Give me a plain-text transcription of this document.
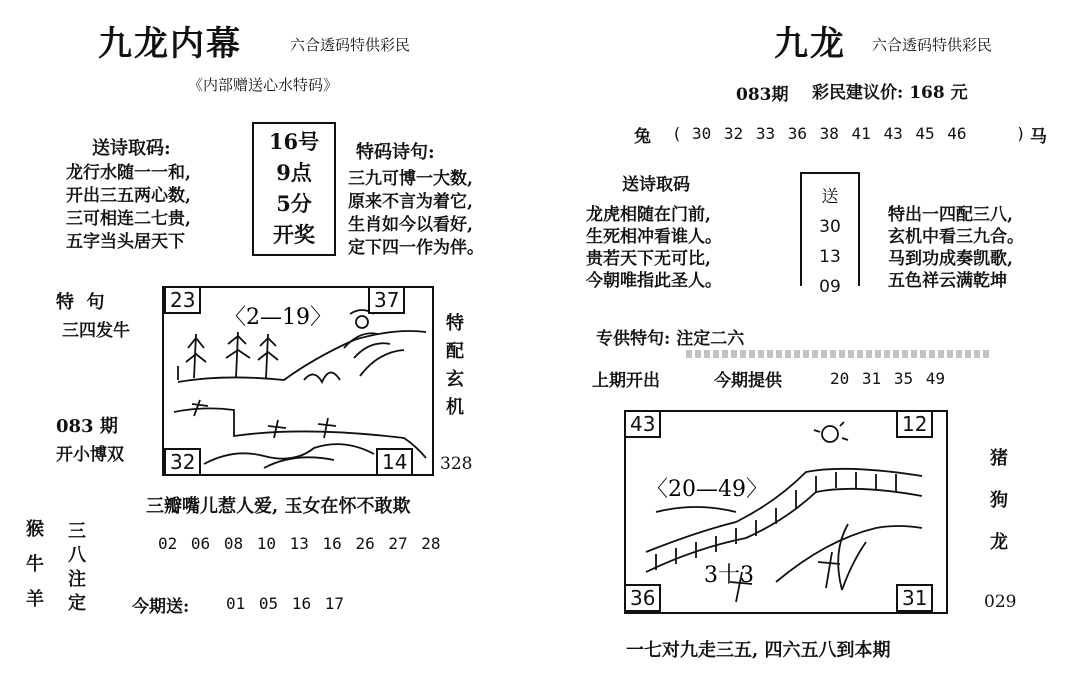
九龙内幕	六合透码特供彩民
《内部赠送心水特码》
送诗取码:
龙行水随一一和,
开出三五两心数,
三可相连二七贵,
五字当头居天下
16号
9点
5分
开奖
特码诗句:
三九可博一大数,
原来不言为着它,
生肖如今以看好,
定下四一作为伴。
特  句
三四发牛
083 期
开小博双
〈2—19〉
23	37
32	14
特
配
玄
机
328
三瓣嘴儿惹人爱, 玉女在怀不敢欺
猴
牛
羊
三
八
注
定
02 06 08 10 13 16 26 27 28
今期送: 01 05 16 17
九龙 六合透码特供彩民
083期 彩民建议价: 168 元
兔 ( 30 32 33 36 38 41 43 45 46	) 马
送诗取码
龙虎相随在门前,
生死相冲看谁人。
贵若天下无可比,
今朝唯指此圣人。
送
30
13
09
特出一四配三八,
玄机中看三九合。
马到功成奏凯歌,
五色祥云满乾坤
专供特句: 注定二六
上期开出	今期提供	20 31 35 49
〈20—49〉
3十3
43	12
36	31
猪
狗
龙
029
一七对九走三五, 四六五八到本期
